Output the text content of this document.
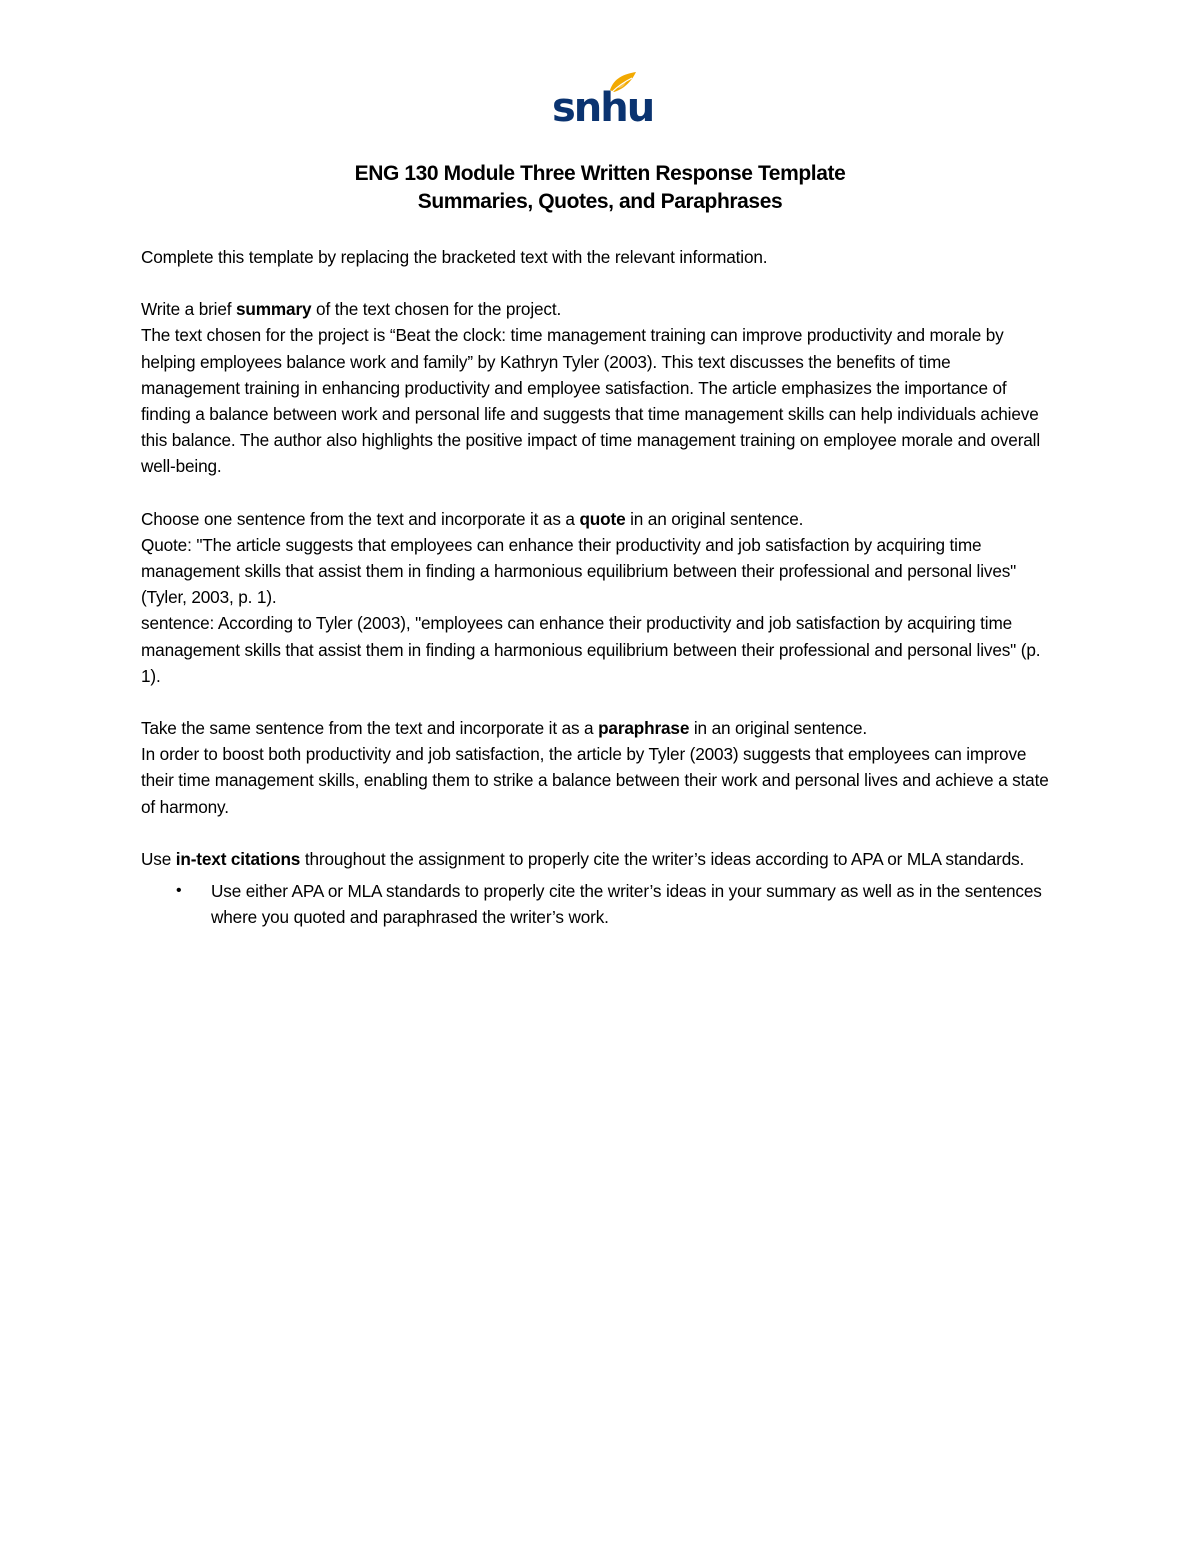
snhu
ENG 130 Module Three Written Response Template
Summaries, Quotes, and Paraphrases

Complete this template by replacing the bracketed text with the relevant information.

Write a brief summary of the text chosen for the project.

The text chosen for the project is “Beat the clock: time management training can improve productivity and morale by helping employees balance work and family” by Kathryn Tyler (2003). This text discusses the benefits of time management training in enhancing productivity and employee satisfaction. The article emphasizes the importance of finding a balance between work and personal life and suggests that time management skills can help individuals achieve this balance. The author also highlights the positive impact of time management training on employee morale and overall well-being.

Choose one sentence from the text and incorporate it as a quote in an original sentence.

Quote: "The article suggests that employees can enhance their productivity and job satisfaction by acquiring time management skills that assist them in finding a harmonious equilibrium between their professional and personal lives" (Tyler, 2003, p. 1).

sentence: According to Tyler (2003), "employees can enhance their productivity and job satisfaction by acquiring time management skills that assist them in finding a harmonious equilibrium between their professional and personal lives" (p. 1).

Take the same sentence from the text and incorporate it as a paraphrase in an original sentence.

In order to boost both productivity and job satisfaction, the article by Tyler (2003) suggests that employees can improve their time management skills, enabling them to strike a balance between their work and personal lives and achieve a state of harmony.

Use in-text citations throughout the assignment to properly cite the writer’s ideas according to APA or MLA standards.

• Use either APA or MLA standards to properly cite the writer’s ideas in your summary as well as in the sentences where you quoted and paraphrased the writer’s work.
